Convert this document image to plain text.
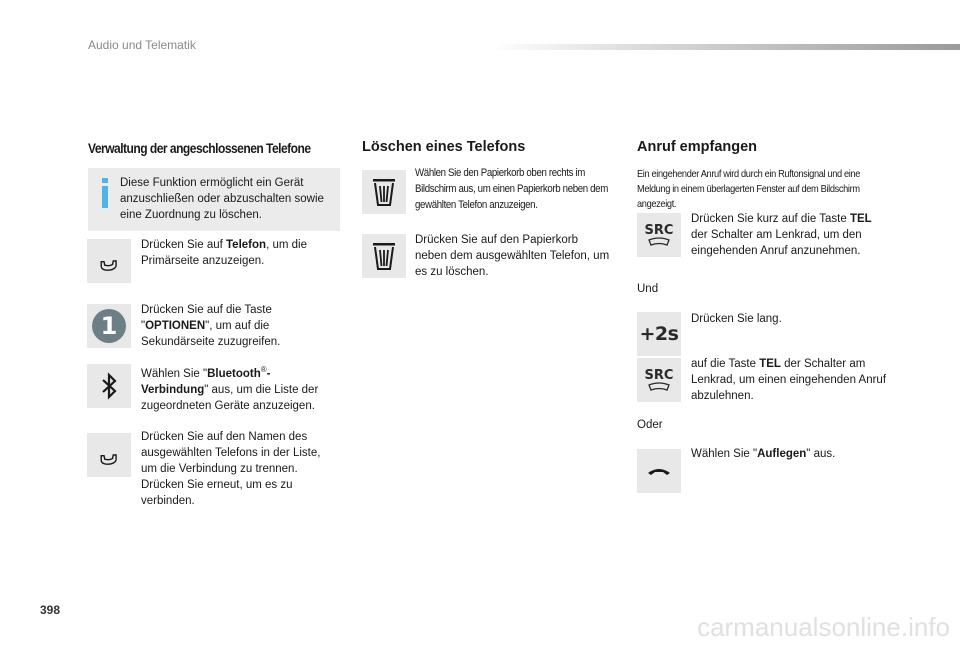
Audio und Telematik
Verwaltung der angeschlossenen Telefone
Diese Funktion ermöglicht ein Gerät anzuschließen oder abzuschalten sowie eine Zuordnung zu löschen.
Drücken Sie auf Telefon, um die Primärseite anzuzeigen.
1
Drücken Sie auf die Taste "OPTIONEN", um auf die Sekundärseite zuzugreifen.
Wählen Sie "Bluetooth®-Verbindung" aus, um die Liste der zugeordneten Geräte anzuzeigen.
Drücken Sie auf den Namen des ausgewählten Telefons in der Liste, um die Verbindung zu trennen. Drücken Sie erneut, um es zu verbinden.
Löschen eines Telefons
Wählen Sie den Papierkorb oben rechts im Bildschirm aus, um einen Papierkorb neben dem gewählten Telefon anzuzeigen.
Drücken Sie auf den Papierkorb neben dem ausgewählten Telefon, um es zu löschen.
Anruf empfangen
Ein eingehender Anruf wird durch ein Ruftonsignal und eine Meldung in einem überlagerten Fenster auf dem Bildschirm angezeigt.
SRC
Drücken Sie kurz auf die Taste TEL der Schalter am Lenkrad, um den eingehenden Anruf anzunehmen.
Und
+2s
Drücken Sie lang.
SRC
auf die Taste TEL der Schalter am Lenkrad, um einen eingehenden Anruf abzulehnen.
Oder
Wählen Sie "Auflegen" aus.
398
carmanualsonline.info
